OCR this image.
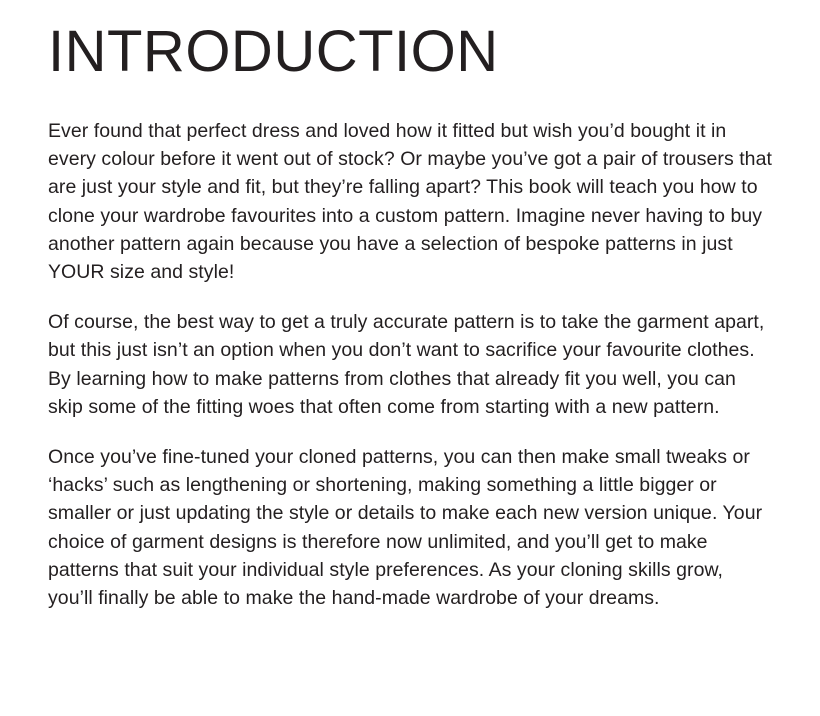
INTRODUCTION

Ever found that perfect dress and loved how it fitted but wish you’d bought it in every colour before it went out of stock? Or maybe you’ve got a pair of trousers that are just your style and fit, but they’re falling apart? This book will teach you how to clone your wardrobe favourites into a custom pattern. Imagine never having to buy another pattern again because you have a selection of bespoke patterns in just YOUR size and style!

Of course, the best way to get a truly accurate pattern is to take the garment apart, but this just isn’t an option when you don’t want to sacrifice your favourite clothes. By learning how to make patterns from clothes that already fit you well, you can skip some of the fitting woes that often come from starting with a new pattern.

Once you’ve fine-tuned your cloned patterns, you can then make small tweaks or ‘hacks’ such as lengthening or shortening, making something a little bigger or smaller or just updating the style or details to make each new version unique. Your choice of garment designs is therefore now unlimited, and you’ll get to make patterns that suit your individual style preferences. As your cloning skills grow, you’ll finally be able to make the hand-made wardrobe of your dreams.
